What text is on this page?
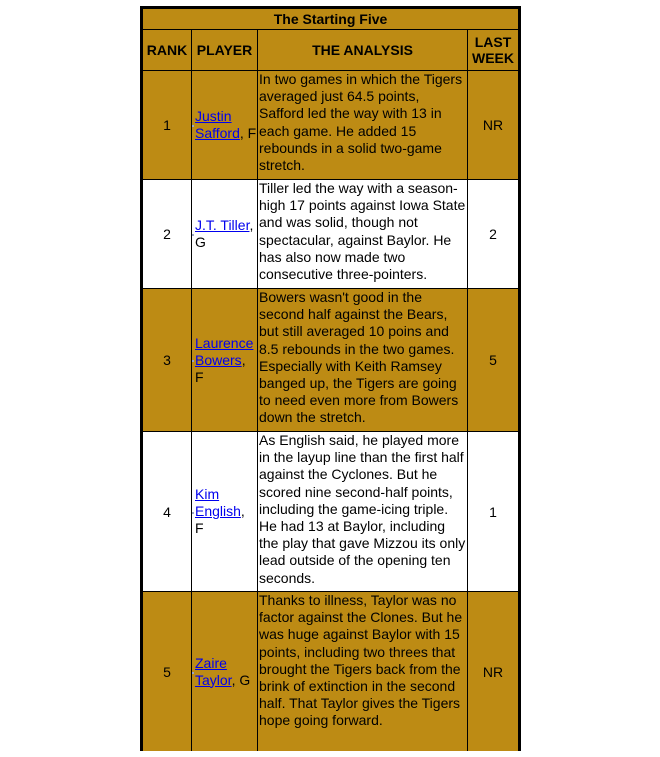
The Starting Five			
RANK	PLAYER	THE ANALYSIS	LAST WEEK
1	Justin Safford, F	In two games in which the Tigers averaged just 64.5 points, Safford led the way with 13 in each game. He added 15 rebounds in a solid two-game stretch.	NR
2	J.T. Tiller, G	Tiller led the way with a season-high 17 points against Iowa State and was solid, though not spectacular, against Baylor. He has also now made two consecutive three-pointers.	2
3	Laurence Bowers, F	Bowers wasn't good in the second half against the Bears, but still averaged 10 poins and 8.5 rebounds in the two games. Especially with Keith Ramsey banged up, the Tigers are going to need even more from Bowers down the stretch.	5
4	Kim English, F	As English said, he played more in the layup line than the first half against the Cyclones. But he scored nine second-half points, including the game-icing triple. He had 13 at Baylor, including the play that gave Mizzou its only lead outside of the opening ten seconds.	1
5	Zaire Taylor, G	Thanks to illness, Taylor was no factor against the Clones. But he was huge against Baylor with 15 points, including two threes that brought the Tigers back from the brink of extinction in the second half. That Taylor gives the Tigers hope going forward.	NR
